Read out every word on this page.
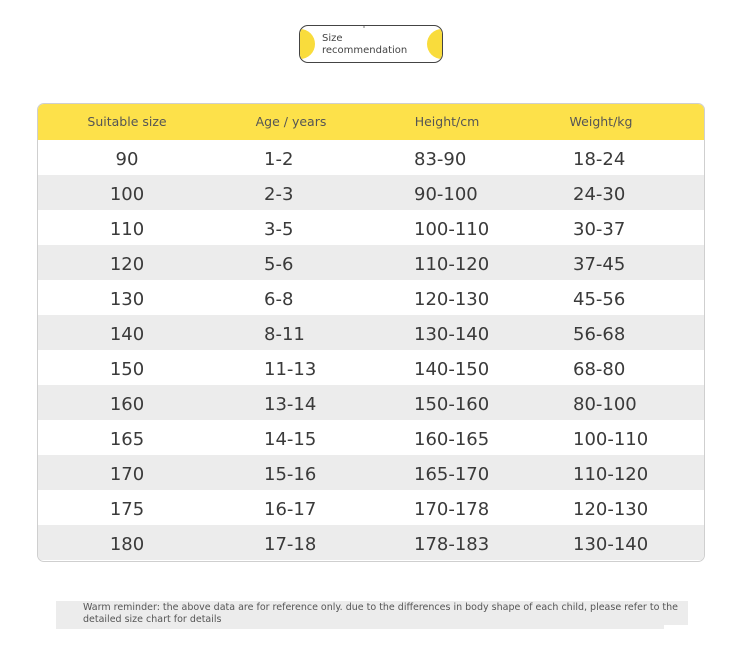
Size
recommendation
Suitable size	Age / years	Height/cm	Weight/kg
90	1-2	83-90	18-24
100	2-3	90-100	24-30
110	3-5	100-110	30-37
120	5-6	110-120	37-45
130	6-8	120-130	45-56
140	8-11	130-140	56-68
150	11-13	140-150	68-80
160	13-14	150-160	80-100
165	14-15	160-165	100-110
170	15-16	165-170	110-120
175	16-17	170-178	120-130
180	17-18	178-183	130-140
Warm reminder: the above data are for reference only. due to the differences in body shape of each child, please refer to the detailed size chart for details
